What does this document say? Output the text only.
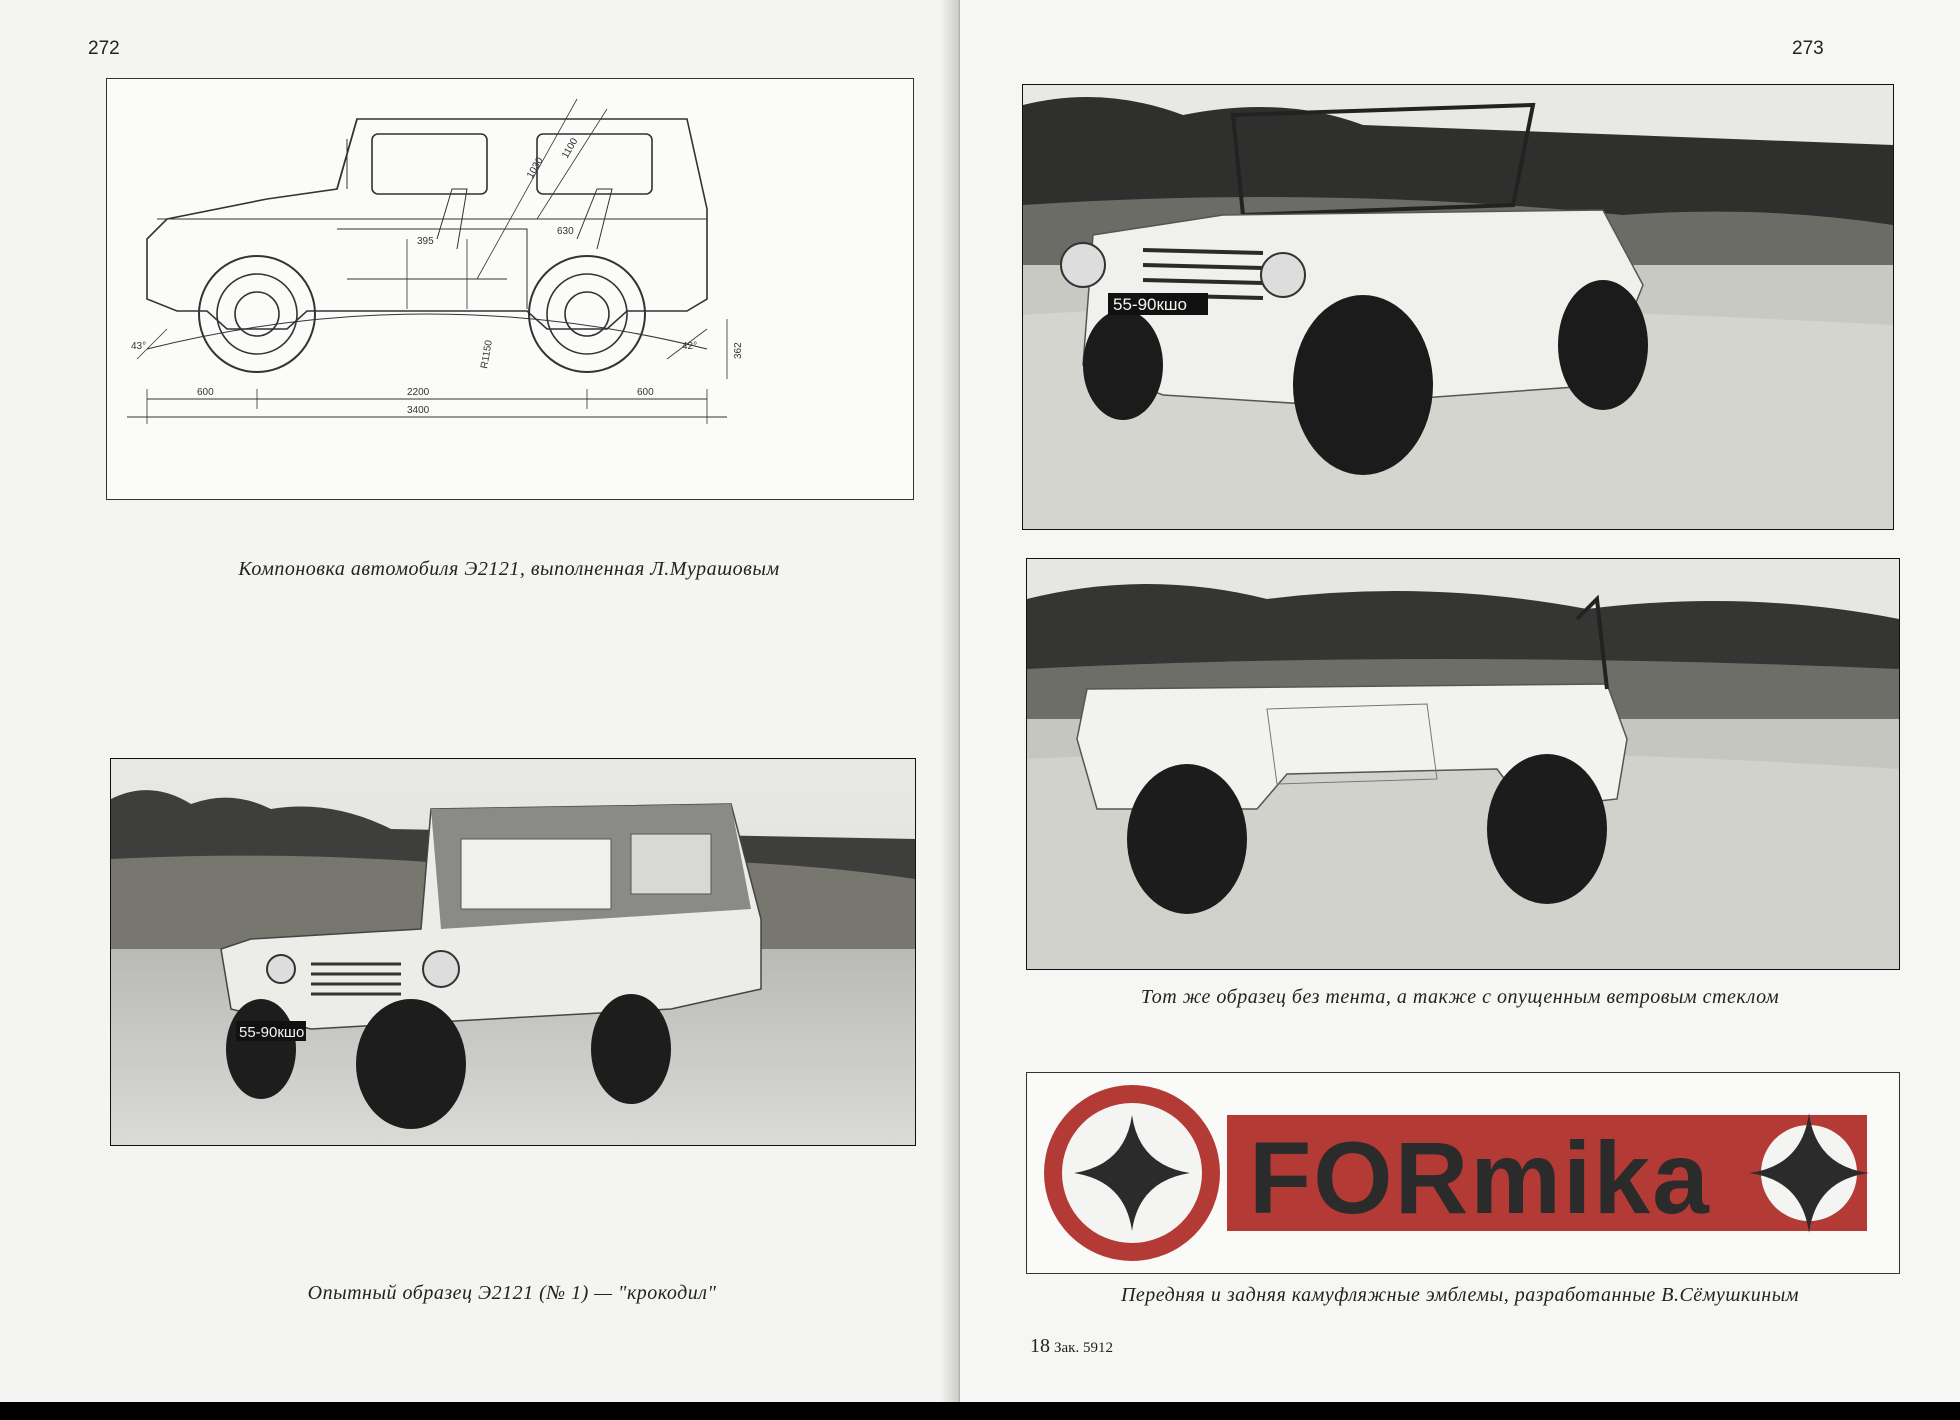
272
600	2200	600
3400
1100
1030
395
630
R1150	362
43°	42°
Компоновка автомобиля Э2121, выполненная Л.Мурашовым
55-90кшо
Опытный образец Э2121 (№ 1) — "крокодил"
273
55-90кшо
Тот же образец без тента, а также с опущенным ветровым стеклом
FORmika
Передняя и задняя камуфляжные эмблемы, разработанные В.Сёмушкиным
18 Зак. 5912
